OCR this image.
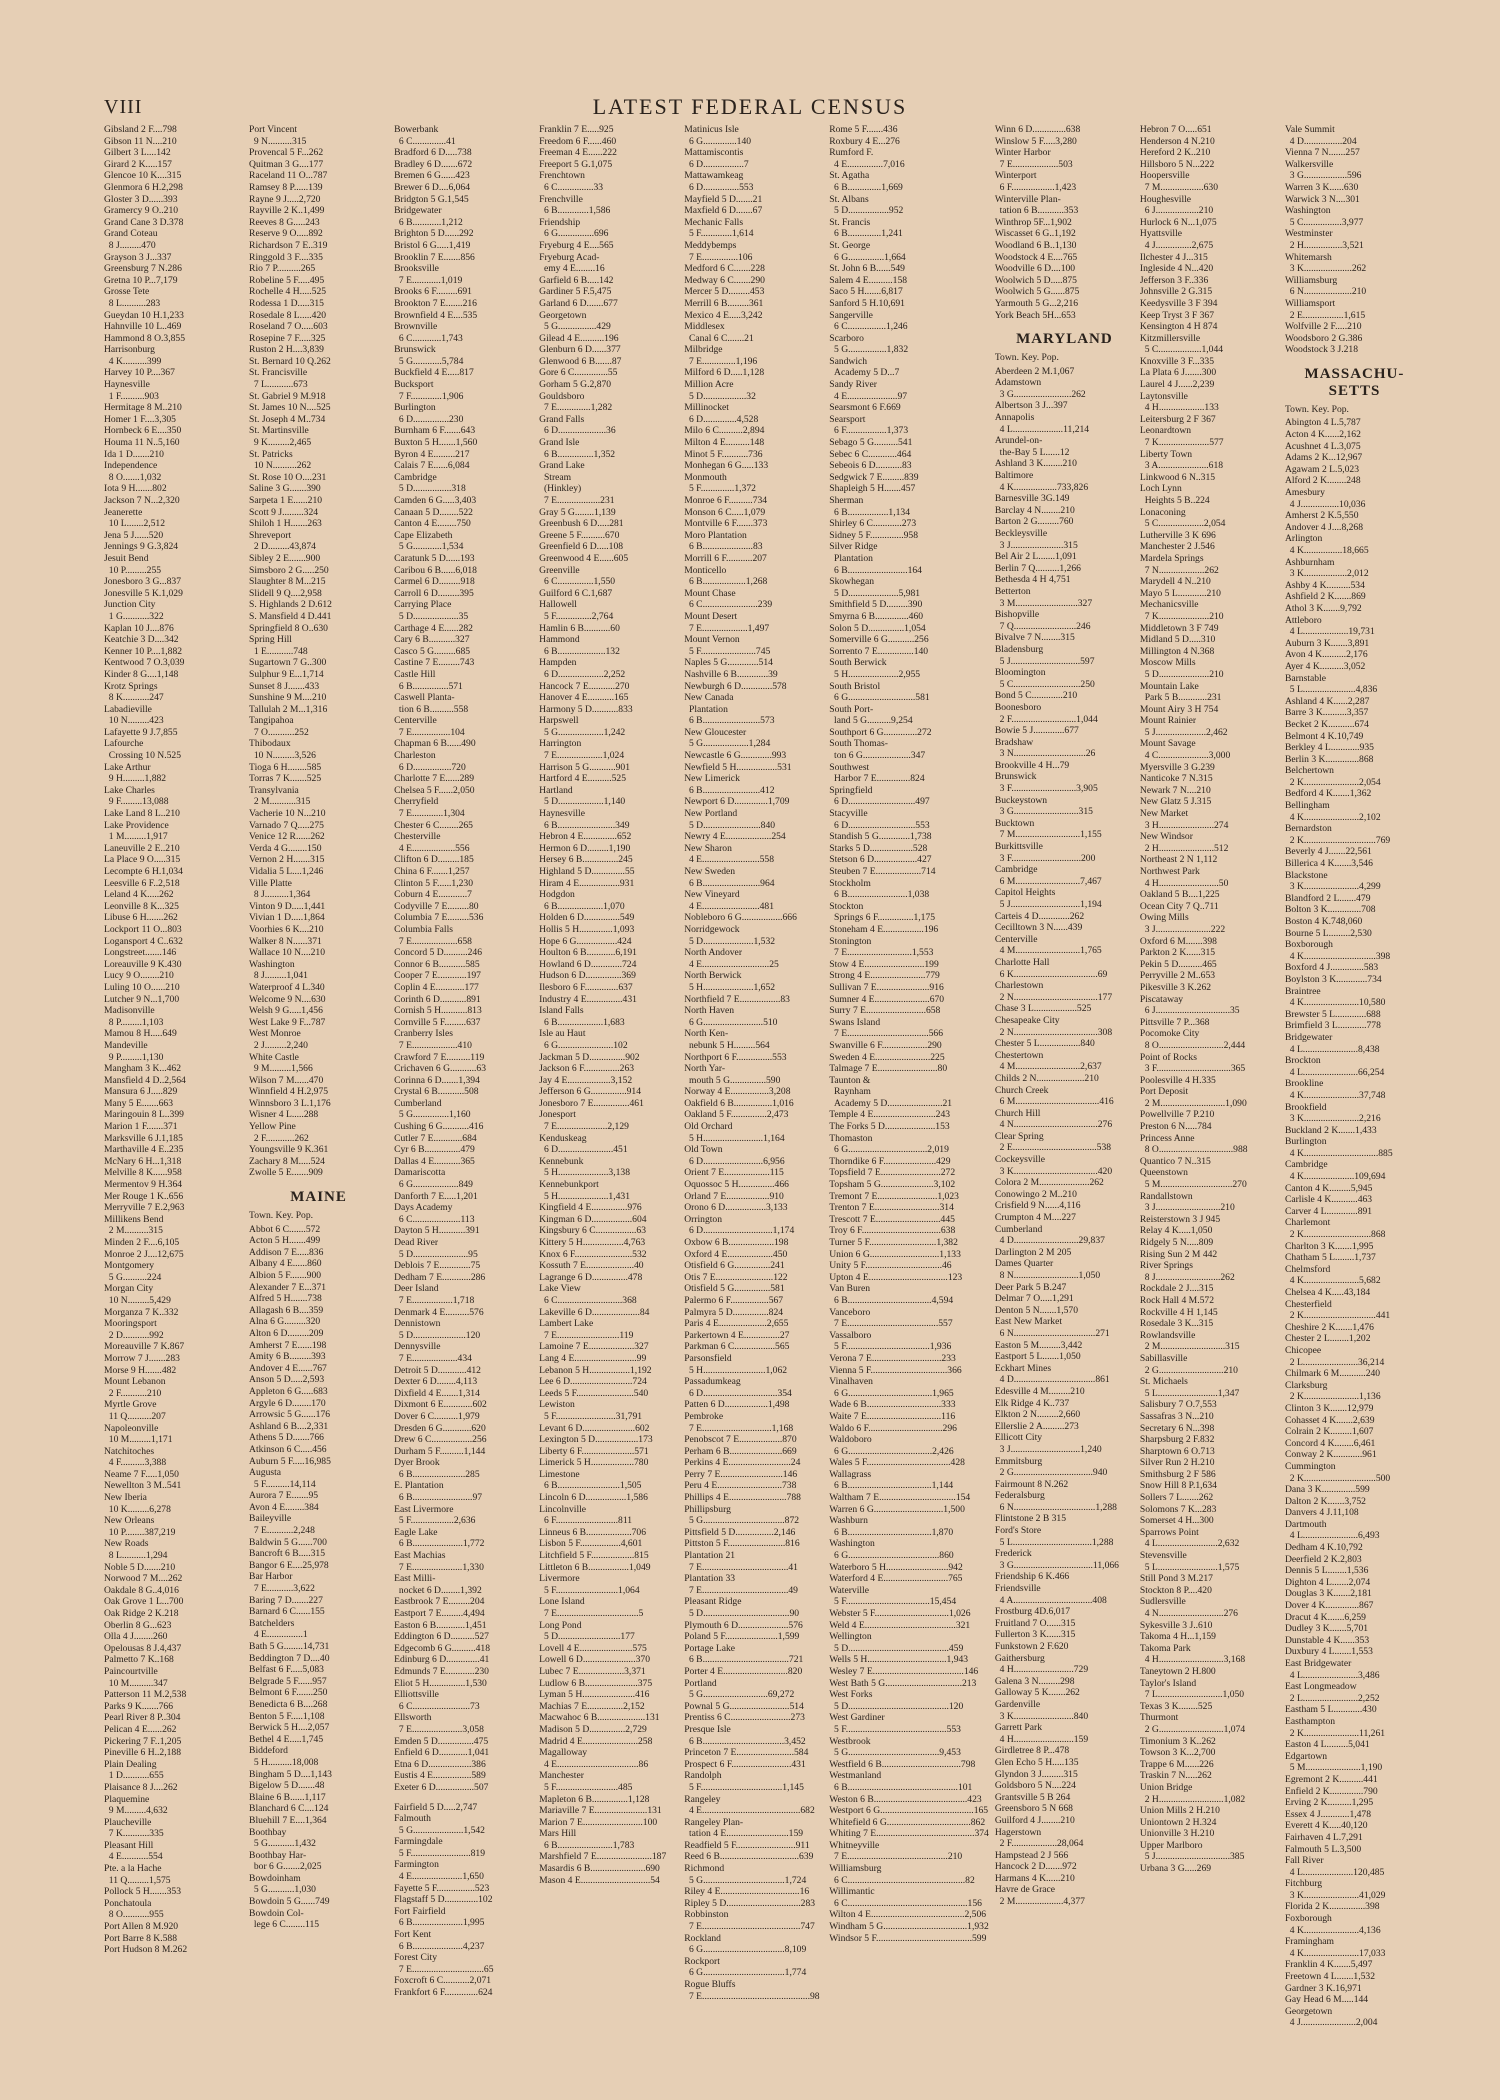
VIII	LATEST FEDERAL CENSUS
Gibsland 2 F....798
Gibson 11 N....210
Gilbert 3 L....142
Girard 2 K.....157
Glencoe 10 K....315
Glenmora 6 H.2,298
Gloster 3 D......393
Gramercy 9 O..210
Grand Cane 3 D.378
Grand Coteau
8 J.........470
Grayson 3 J...337
Greensburg 7 N.286
Gretna 10 P...7,179
Grosse Tete
8 L..........283
Gueydan 10 H.1,233
Hahnville 10 L..469
Hammond 8 O.3,855
Harrisonburg
4 K..........399
Harvey 10 P....367
Haynesville
1 F..........903
Hermitage 8 M..210
Homer 1 F....3,305
Hornbeck 6 E....350
Houma 11 N..5,160
Ida 1 D.......210
Independence
8 O.......1,032
Iota 9 H.......802
Jackson 7 N...2,320
Jeanerette
10 L.......2,512
Jena 5 J......520
Jennings 9 G.3,824
Jesuit Bend
10 P.........255
Jonesboro 3 G...837
Jonesville 5 K.1,029
Junction City
1 G...........322
Kaplan 10 J....876
Keatchie 3 D....342
Kenner 10 P....1,882
Kentwood 7 O.3,039
Kinder 8 G....1,148
Krotz Springs
8 K...........247
Labadieville
10 N.........423
Lafayette 9 J.7,855
Lafourche
Crossing 10 N.525
Lake Arthur
9 H.........1,882
Lake Charles
9 F.........13,088
Lake Land 8 L..210
Lake Providence
1 M.........1,917
Laneuville 2 E..210
La Place 9 O.....315
Lecompte 6 H.1,034
Leesville 6 F..2,518
Leland 4 K.....262
Leonville 8 K...325
Libuse 6 H.......262
Lockport 11 O...803
Logansport 4 C..632
Longstreet.......146
Loreauville 9 K.430
Lucy 9 O........210
Luling 10 O......210
Lutcher 9 N...1,700
Madisonville
8 P.........1,103
Mamou 8 H.....649
Mandeville
9 P.........1,130
Mangham 3 K...462
Mansfield 4 D..2,564
Mansura 6 J.....829
Many 5 E.......663
Maringouin 8 L..399
Marion 1 F.......371
Marksville 6 J.1,185
Marthaville 4 E..235
McNary 6 H...1,318
Melville 8 K......958
Mermentov 9 H.364
Mer Rouge 1 K..656
Merryville 7 E.2,963
Millikens Bend
2 M..........315
Minden 2 F....6,105
Monroe 2 J....12,675
Montgomery
5 G..........224
Morgan City
10 N.........5,429
Morganza 7 K..332
Mooringsport
2 D...........992
Moreauville 7 K.867
Morrow 7 J.......283
Morse 9 H.......482
Mount Lebanon
2 F...........210
Myrtle Grove
11 Q..........207
Napoleonville
10 M.........1,171
Natchitoches
4 F..........3,388
Neame 7 F.....1,050
Newellton 3 M..541
New Iberia
10 K.........6,278
New Orleans
10 P........387,219
New Roads
8 L..........1,294
Noble 5 D.......210
Norwood 7 M....262
Oakdale 8 G..4,016
Oak Grove 1 L...700
Oak Ridge 2 K.218
Oberlin 8 G...623
Olla 4 J........260
Opelousas 8 J.4,437
Palmetto 7 K..168
Paincourtville
10 M..........347
Patterson 11 M.2,538
Parks 9 K.......766
Pearl River 8 P..304
Pelican 4 E......262
Pickering 7 F..1,205
Pineville 6 H..2,188
Plain Dealing
1 D...........655
Plaisance 8 J....262
Plaquemine
9 M.........4,632
Plaucheville
7 K...........335
Pleasant Hill
4 E...........554
Pte. a la Hache
11 Q.........1,575
Pollock 5 H.......353
Ponchatoula
8 O...........955
Port Allen 8 M.920
Port Barre 8 K.588
Port Hudson 8 M.262
Port Vincent
9 N..........315
Provencal 5 F...262
Quitman 3 G....177
Raceland 11 O...787
Ramsey 8 P......139
Rayne 9 J.....2,720
Rayville 2 K..1,499
Reeves 8 G.....243
Reserve 9 O.....892
Richardson 7 E..319
Ringgold 3 F....335
Rio 7 P..........265
Robeline 5 F.....495
Rochelle 4 H.....525
Rodessa 1 D.....315
Rosedale 8 L.....420
Roseland 7 O.....603
Rosepine 7 F.....325
Ruston 2 H....3,839
St. Bernard 10 Q.262
St. Francisville
7 L...........673
St. Gabriel 9 M.918
St. James 10 N....525
St. Joseph 4 M..734
St. Martinsville
9 K.........2,465
St. Patricks
10 N..........262
St. Rose 10 O....231
Saline 3 G.......390
Sarpeta 1 E......210
Scott 9 J.........324
Shiloh 1 H.......263
Shreveport
2 D.........43,874
Sibley 2 E.......900
Simsboro 2 G.....250
Slaughter 8 M...215
Slidell 9 Q....2,958
S. Highlands 2 D.612
S. Mansfield 4 D.441
Springfield 8 O..630
Spring Hill
1 E...........748
Sugartown 7 G..300
Sulphur 9 E...1,714
Sunset 8 J.......433
Sunshine 9 M....210
Tallulah 2 M...1,316
Tangipahoa
7 O...........252
Thibodaux
10 N.........3,526
Tioga 6 H........585
Torras 7 K.......525
Transylvania
2 M...........315
Vacherie 10 N...210
Varnado 7 Q.....275
Venice 12 R......262
Verda 4 G........150
Vernon 2 H.......315
Vidalia 5 L....1,246
Ville Platte
8 J..........1,364
Vinton 9 D.....1,441
Vivian 1 D.....1,864
Voorhies 6 K....210
Walker 8 N......371
Wallace 10 N....210
Washington
8 J.........1,041
Waterproof 4 L.340
Welcome 9 N....630
Welsh 9 G.....1,456
West Lake 9 F...787
West Monroe
2 J.........2,240
White Castle
9 M.........1,566
Wilson 7 M......470
Winnfield 4 H.2,975
Winnsboro 3 L.1,176
Wisner 4 L.....288
Yellow Pine
2 F............262
Youngsville 9 K.361
Zachary 8 M.....524
Zwolle 5 E.......909
MAINE
Town. Key. Pop.
Abbot 6 C.......572
Acton 5 H.......499
Addison 7 E.....836
Albany 4 E......860
Albion 5 F.......900
Alexander 7 E...371
Alfred 5 H.......738
Allagash 6 B....359
Alna 6 G.........320
Alton 6 D.........209
Amherst 7 E......198
Amity 6 B.........393
Andover 4 E......767
Anson 5 D.....2,593
Appleton 6 G.....683
Argyle 6 D........170
Arrowsic 5 G......176
Ashland 6 B....2,331
Athens 5 D.......766
Atkinson 6 C.....456
Auburn 5 F.....16,985
Augusta
5 F..........14,114
Aurora 7 E.......95
Avon 4 E........384
Baileyville
7 E...........2,248
Baldwin 5 G......700
Bancroft 6 B.....315
Bangor 6 E....25,978
Bar Harbor
7 E...........3,622
Baring 7 D.......227
Barnard 6 C......155
Batchelders
4 E...............1
Bath 5 G........14,731
Beddington 7 D....40
Belfast 6 F.....5,083
Belgrade 5 F......957
Belmont 6 F.......250
Benedicta 6 B....268
Benton 5 F.....1,108
Berwick 5 H....2,057
Bethel 4 E.....1,745
Biddeford
5 H..........18,008
Bingham 5 D....1,143
Bigelow 5 D.......48
Blaine 6 B......1,117
Blanchard 6 C....124
Bluehill 7 E....1,364
Boothbay
5 G...........1,432
Boothbay Har-
bor 6 G.......2,025
Bowdoinham
5 G...........1,030
Bowdoin 5 G......749
Bowdoin Col-
lege 6 C........115
Bowerbank
6 C..............41
Bradford 6 D.....738
Bradley 6 D.......672
Bremen 6 G......423
Brewer 6 D....6,064
Bridgton 5 G.1,545
Bridgewater
6 B............1,212
Brighton 5 D......292
Bristol 6 G.....1,419
Brooklin 7 E.......856
Brooksville
7 E............1,019
Brooks 6 F.........691
Brookton 7 E.......216
Brownfield 4 E....535
Brownville
6 C............1,743
Brunswick
5 G............5,784
Buckfield 4 E.....817
Bucksport
7 F.............1,906
Burlington
6 D...............230
Burnham 6 F.......643
Buxton 5 H.......1,560
Byron 4 E.........217
Calais 7 E......6,084
Cambridge
5 D................318
Camden 6 G.....3,403
Canaan 5 D........522
Canton 4 E........750
Cape Elizabeth
5 G............1,534
Caratunk 5 D......193
Caribou 6 B......6,018
Carmel 6 D.........918
Carroll 6 D.........395
Carrying Place
5 D...................35
Carthage 4 E......282
Cary 6 B...........327
Casco 5 G.........685
Castine 7 E.........743
Castle Hill
6 B...............571
Caswell Planta-
tion 6 B..........558
Centerville
7 E................104
Chapman 6 B......490
Charleston
6 D................720
Charlotte 7 E......289
Chelsea 5 F......2,050
Cherryfield
7 E.............1,304
Chester 6 C........265
Chesterville
4 E..................556
Clifton 6 D.........185
China 6 F.......1,257
Clinton 5 F......1,230
Coburn 4 E............7
Codyville 7 E.........80
Columbia 7 E.........536
Columbia Falls
7 E...................658
Concord 5 D..........246
Connor 6 B...........585
Cooper 7 E............197
Coplin 4 E............177
Corinth 6 D...........891
Cornish 5 H...........813
Cornville 5 F.........637
Cranberry Isles
7 E...................410
Crawford 7 E..........119
Crichaven 6 G...........63
Corinna 6 D.......1,394
Crystal 6 B...........508
Cumberland
5 G...............1,160
Cushing 6 G...........416
Cutler 7 E............684
Cyr 6 B...............479
Dallas 4 E...........365
Damariscotta
6 G...................849
Danforth 7 E.....1,201
Days Academy
6 C....................113
Dayton 5 H...........391
Dead River
5 D.......................95
Deblois 7 E.............75
Dedham 7 E............286
Deer Island
7 E.................1,718
Denmark 4 E..........576
Dennistown
5 D......................120
Dennysville
7 E...................434
Detroit 5 D............412
Dexter 6 D........4,113
Dixfield 4 E.......1,314
Dixmont 6 E............602
Dover 6 C..........1,979
Dresden 6 G............620
Drew 6 C.................256
Durham 5 F..........1,144
Dyer Brook
6 B......................285
E. Plantation
6 B.........................97
East Livermore
5 F..................2,636
Eagle Lake
6 B.....................1,772
East Machias
7 E.....................1,330
East Milli-
nocket 6 D........1,392
Eastbrook 7 E.........204
Eastport 7 E.........4,494
Easton 6 B............1,451
Eddington 6 D..........527
Edgecomb 6 G..........418
Edinburg 6 D..............41
Edmunds 7 E............230
Eliot 5 H...............1,530
Elliottsville
6 C........................73
Ellsworth
7 E.....................3,058
Emden 5 D...............475
Enfield 6 D............1,041
Etna 6 D..................386
Eustis 4 E................589
Exeter 6 D................507
Fairfield 5 D.....2,747
Falmouth
5 G.....................1,542
Farmingdale
5 F.........................819
Farmington
4 E.....................1,650
Fayette 5 F................523
Flagstaff 5 D..............102
Fort Fairfield
6 B.....................1,995
Fort Kent
6 B.....................4,237
Forest City
7 E..............................65
Foxcroft 6 C...........2,071
Frankfort 6 F..............624
Franklin 7 E.....925
Freedom 6 F......460
Freeman 4 E......222
Freeport 5 G.1,075
Frenchtown
6 C...............33
Frenchville
6 B.............1,586
Friendship
6 G...............696
Fryeburg 4 E....565
Fryeburg Acad-
emy 4 E........16
Garfield 6 B.....142
Gardiner 5 F.5,475
Garland 6 D.......677
Georgetown
5 G................429
Gilead 4 E..........196
Glenburn 6 D......377
Glenwood 6 B.......87
Gore 6 C..............55
Gorham 5 G.2,870
Gouldsboro
7 E..............1,282
Grand Falls
6 D....................36
Grand Isle
6 B...............1,352
Grand Lake
Stream
(Hinkley)
7 E..................231
Gray 5 G........1,139
Greenbush 6 D.....281
Greene 5 F..........670
Greenfield 6 D.....108
Greenwood 4 E......605
Greenville
6 C...............1,550
Guilford 6 C.1,687
Hallowell
5 F...............2,764
Hamlin 6 B...........60
Hammond
6 B....................132
Hampden
6 D...................2,252
Hancock 7 E...........270
Hanover 4 E...........165
Harmony 5 D...........833
Harpswell
5 G...................1,242
Harrington
7 E...................1,024
Harrison 5 G...........901
Hartford 4 E..........525
Hartland
5 D...................1,140
Haynesville
6 B........................349
Hebron 4 E..............652
Hermon 6 D.........1,190
Hersey 6 B...............245
Highland 5 D..............55
Hiram 4 E.................931
Hodgdon
6 B...................1,070
Holden 6 D...............549
Hollis 5 H..............1,093
Hope 6 G.................424
Houlton 6 B............6,191
Howland 6 D.............724
Hudson 6 D...............369
Ilesboro 6 F..............637
Industry 4 E...............431
Island Falls
6 B...................1,683
Isle au Haut
6 G.......................102
Jackman 5 D...............902
Jackson 6 F...............263
Jay 4 E..................3,152
Jefferson 6 G...............914
Jonesboro 7 E...............461
Jonesport
7 E.....................2,129
Kenduskeag
6 D.......................451
Kennebunk
5 H.....................3,138
Kennebunkport
5 H.....................1,431
Kingfield 4 E...............976
Kingman 6 D.................604
Kingsbury 6 C.................63
Kittery 5 H.................4,763
Knox 6 F........................532
Kossuth 7 E....................40
Lagrange 6 D...............478
Lake View
6 C...........................368
Lakeville 6 D....................84
Lambert Lake
7 E..........................119
Lamoine 7 E...................327
Lang 4 E..........................99
Lebanon 5 H.................1,192
Lee 6 D..........................724
Leeds 5 F........................540
Lewiston
5 F.........................31,791
Levant 6 D......................602
Lexington 5 D..................173
Liberty 6 F......................571
Limerick 5 H..................780
Limestone
6 B..........................1,505
Lincoln 6 D.................1,586
Lincolnville
6 F..........................811
Linneus 6 B...................706
Lisbon 5 F.................4,601
Litchfield 5 F..................815
Littleton 6 B.................1,049
Livermore
5 F..........................1,064
Lone Island
7 E..................................5
Long Pond
5 D..........................177
Lovell 4 E......................575
Lowell 6 D......................370
Lubec 7 E...................3,371
Ludlow 6 B......................375
Lyman 5 H......................416
Machias 7 E...............2,152
Macwahoc 6 B....................131
Madison 5 D...............2,729
Madrid 4 E.......................258
Magalloway
4 E..................................86
Manchester
5 F..........................485
Mapleton 6 B...............1,128
Mariaville 7 E......................131
Marion 7 E.........................100
Mars Hill
6 B.......................1,783
Marshfield 7 E.......................187
Masardis 6 B.......................690
Mason 4 E.............................54
Matinicus Isle
6 G..............140
Mattamiscontis
6 D.................7
Mattawamkeag
6 D...............553
Mayfield 5 D.......21
Maxfield 6 D.......67
Mechanic Falls
5 F.............1,614
Meddybemps
7 E...............106
Medford 6 C.......228
Medway 6 C.......290
Mercer 5 D.........453
Merrill 6 B.........361
Mexico 4 E.....3,242
Middlesex
Canal 6 C.......21
Milbridge
7 E..............1,196
Milford 6 D.....1,128
Million Acre
5 D..................32
Millinocket
6 D..............4,528
Milo 6 C..........2,894
Milton 4 E..........148
Minot 5 F...........736
Monhegan 6 G.....133
Monmouth
5 F..............1,372
Monroe 6 F..........734
Monson 6 C.....1,079
Montville 6 F.......373
Moro Plantation
6 B.....................83
Morrill 6 F...........207
Monticello
6 B..................1,268
Mount Chase
6 C.......................239
Mount Desert
7 E...................1,497
Mount Vernon
5 F.......................745
Naples 5 G.............514
Nashville 6 B.............39
Newburgh 6 D.............578
New Canada
Plantation
6 B........................573
New Gloucester
5 G...................1,284
Newcastle 6 G.............993
Newfield 5 H.................531
New Limerick
6 B........................412
Newport 6 D..............1,709
New Portland
5 D........................840
Newry 4 E...................254
New Sharon
4 E........................558
New Sweden
6 B........................964
New Vineyard
4 E........................481
Nobleboro 6 G.................666
Norridgewock
5 D.....................1,532
North Andover
4 E............................25
North Berwick
5 H.....................1,652
Northfield 7 E.................83
North Haven
6 G.........................510
North Ken-
nebunk 5 H.........564
Northport 6 F...............553
North Yar-
mouth 5 G...............590
Norway 4 E................3,208
Oakfield 6 B................1,016
Oakland 5 F...............2,473
Old Orchard
5 H.........................1,164
Old Town
6 D.........................6,956
Orient 7 E...................115
Oquossoc 5 H...............466
Orland 7 E..................910
Orono 6 D.................3,133
Orrington
6 D.............................1,174
Oxbow 6 B...................198
Oxford 4 E...................450
Otisfield 6 G...............241
Otis 7 E........................122
Otisfield 5 G...............581
Palermo 6 F................567
Palmyra 5 D...............824
Paris 4 E....................2,655
Parkertown 4 E...............27
Parkman 6 C.................565
Parsonsfield
5 H..........................1,062
Passadumkeag
6 D...............................354
Patten 6 D..................1,498
Pembroke
7 E.............................1,168
Penobscot 7 E..................870
Perham 6 B......................669
Perkins 4 E..........................24
Perry 7 E..........................146
Peru 4 E...........................738
Phillips 4 E........................788
Phillipsburg
5 G..................................872
Pittsfield 5 D................2,146
Pittston 5 F........................816
Plantation 21
7 E....................................41
Plantation 33
7 E....................................49
Pleasant Ridge
5 D....................................90
Plymouth 6 D.....................576
Poland 5 F......................1,599
Portage Lake
6 B....................................721
Porter 4 E...........................820
Portland
5 G...........................69,272
Pownal 5 G.........................514
Prentiss 6 C.........................273
Presque Isle
6 B..................................3,452
Princeton 7 E........................584
Prospect 6 F.........................431
Randolph
5 F..................................1,145
Rangeley
4 E.........................................682
Rangeley Plan-
tation 4 E..........................159
Readfield 5 F.........................911
Reed 6 B.................................639
Richmond
5 G..................................1,724
Riley 4 E.................................16
Ripley 5 D...............................283
Robbinston
7 E.........................................747
Rockland
6 G..................................8,109
Rockport
6 G..................................1,774
Rogue Bluffs
7 E.............................................98
Rome 5 F.......436
Roxbury 4 E...276
Rumford F.
4 E...............7,016
St. Agatha
6 B..............1,669
St. Albans
5 D.................952
St. Francis
6 B..............1,241
St. George
6 G...............1,664
St. John 6 B......549
Salem 4 E..........158
Saco 5 H.......6,817
Sanford 5 H.10,691
Sangerville
6 C................1,246
Scarboro
5 G................1,832
Sandwich
Academy 5 D...7
Sandy River
4 E.....................97
Searsmont 6 F.669
Searsport
6 F.................1,373
Sebago 5 G..........541
Sebec 6 C............464
Sebeois 6 D...........83
Sedgwick 7 E.........839
Shapleigh 5 H.......457
Sherman
6 B.................1,134
Shirley 6 C............273
Sidney 5 F..............958
Silver Ridge
Plantation
6 B.........................164
Skowhegan
5 D.....................5,981
Smithfield 5 D.........390
Smyrna 6 B..............460
Solon 5 D...............1,054
Somerville 6 G...........256
Sorrento 7 E...............140
South Berwick
5 H.....................2,955
South Bristol
6 G............................581
South Port-
land 5 G..........9,254
Southport 6 G..............272
South Thomas-
ton 6 G....................347
Southwest
Harbor 7 E..............824
Springfield
6 D............................497
Stacyville
6 D............................553
Standish 5 G.............1,738
Starks 5 D..................528
Stetson 6 D..................427
Steuben 7 E...................714
Stockholm
6 B.........................1,038
Stockton
Springs 6 F...............1,175
Stoneham 4 E.................196
Stonington
7 E...........................1,553
Stow 4 E.........................199
Strong 4 E.......................779
Sullivan 7 E......................916
Sumner 4 E.......................670
Surry 7 E.........................658
Swans Island
7 E..................................566
Swanville 6 F...................290
Sweden 4 E.......................225
Talmage 7 E.........................80
Taunton &
Raynham
Academy 5 D.......................21
Temple 4 E..........................243
The Forks 5 D.....................153
Thomaston
6 G.................................2,019
Thorndike 6 F......................429
Topsfield 7 E.........................272
Topsham 5 G......................3,102
Tremont 7 E.........................1,023
Trenton 7 E...........................314
Trescott 7 E...........................445
Troy 6 F.................................638
Turner 5 F............................1,382
Union 6 G.............................1,133
Unity 5 F................................46
Upton 4 E.................................123
Van Buren
6 B...................................4,594
Vanceboro
7 E......................................557
Vassalboro
5 F...................................1,936
Verona 7 E.............................233
Vienna 5 F................................366
Vinalhaven
6 G...................................1,965
Wade 6 B...............................333
Waite 7 E...............................116
Waldo 6 F...............................296
Waldoboro
6 G...................................2,426
Wales 5 F...................................428
Wallagrass
6 B...................................1,144
Waltham 7 E................................154
Warren 6 G.............................1,500
Washburn
6 B...................................1,870
Washington
6 G......................................860
Waterboro 5 H..........................942
Waterford 4 E...........................765
Waterville
5 F...................................15,454
Webster 5 F...............................1,026
Weld 4 E......................................321
Wellington
5 D..........................................459
Wells 5 H.................................1,943
Wesley 7 E......................................146
West Bath 5 G................................213
West Forks
5 D..........................................120
West Gardiner
5 F..........................................553
Westbrook
5 G......................................9,453
Westfield 6 B.................................798
Westmanland
6 B..............................................101
Weston 6 B.......................................423
Westport 6 G.......................................165
Whitefield 6 G...................................862
Whiting 7 E.........................................374
Whitneyville
7 E..........................................210
Williamsburg
6 C.................................................82
Willimantic
6 C..................................................156
Wilton 4 E.......................................2,506
Windham 5 G...................................1,932
Windsor 5 F........................................599
Winn 6 D..............638
Winslow 5 F.....3,280
Winter Harbor
7 E...................503
Winterport
6 F..................1,423
Winterville Plan-
tation 6 B...........353
Winthrop 5F...1,902
Wiscasset 6 G..1,192
Woodland 6 B..1,130
Woodstock 4 E....765
Woodville 6 D....100
Woolwich 5 D.....875
Woolwich 5 G......875
Yarmouth 5 G...2,216
York Beach 5H...653
MARYLAND
Town. Key. Pop.
Aberdeen 2 M.1,067
Adamstown
3 G........................262
Albertson 3 J...397
Annapolis
4 L.....................11,214
Arundel-on-
the-Bay 5 L......12
Ashland 3 K........210
Baltimore
4 K..................733,826
Barnesville 3G.149
Barclay 4 N........210
Barton 2 G.........760
Beckleysville
3 J......................315
Bel Air 2 L.......1,091
Berlin 7 Q..........1,266
Bethesda 4 H 4,751
Betterton
3 M..........................327
Bishopville
7 Q..........................246
Bivalve 7 N........315
Bladensburg
5 J.............................597
Bloomington
5 C............................250
Bond 5 C.............210
Boonesboro
2 F...........................1,044
Bowie 5 J.............677
Bradshaw
3 N..............................26
Brookville 4 H...79
Brunswick
3 F...........................3,905
Buckeystown
3 G...........................315
Bucktown
7 M...........................1,155
Burkittsville
3 F.............................200
Cambridge
6 M...........................7,467
Capitol Heights
5 J.............................1,194
Carteis 4 D.............262
Cecilltown 3 N......439
Centerville
4 M...........................1,765
Charlotte Hall
6 K...................................69
Charlestown
2 N...................................177
Chase 3 L..................525
Chesapeake City
2 N...................................308
Chester 5 L.................840
Chestertown
4 M...........................2,637
Childs 2 N....................210
Church Creek
6 M...................................416
Church Hill
4 N...................................276
Clear Spring
2 E...................................538
Cockeysville
3 K...................................420
Colora 2 M.....................262
Conowingo 2 M..210
Crisfield 9 N......4,116
Crumpton 4 M....227
Cumberland
4 D...........................29,837
Darlington 2 M 205
Dames Quarter
8 N...........................1,050
Deer Park 5 B.247
Delmar 7 O.....1,291
Denton 5 N.......1,570
East New Market
6 N..................................271
Easton 5 M.........3,442
Eastport 5 L.......1,050
Eckhart Mines
4 D..................................861
Edesville 4 M.........210
Elk Ridge 4 K..737
Elkton 2 N.........2,660
Ellerslie 2 A.........273
Ellicott City
3 J.............................1,240
Emmitsburg
2 G.................................940
Fairmount 8 N.262
Federalsburg
6 N..................................1,288
Flintstone 2 B 315
Ford's Store
5 L.................................1,288
Frederick
3 G.................................11,066
Friendship 6 K.466
Friendsville
4 A.................................408
Frostburg 4D.6,017
Fruitland 7 O......315
Fullerton 3 K......315
Funkstown 2 F.620
Gaithersburg
4 H.........................729
Galena 3 N.........298
Galloway 5 K.......262
Gardenville
3 K.........................840
Garrett Park
4 H.........................159
Girdletree 8 P...478
Glen Echo 5 H.....135
Glyndon 3 J.........315
Goldsboro 5 N....224
Grantsville 5 B 264
Greensboro 5 N 668
Guilford 4 J........210
Hagerstown
2 F...................28,064
Hampstead 2 J 566
Hancock 2 D.......972
Harmans 4 K......210
Havre de Grace
2 M....................4,377
Hebron 7 O.....651
Henderson 4 N.210
Hereford 2 K..210
Hillsboro 5 N...222
Hoopersville
7 M..................630
Houghesville
6 J..................210
Hurlock 6 N...1,075
Hyattsville
4 J...............2,675
Ilchester 4 J...315
Ingleside 4 N...420
Jefferson 3 F..336
Johnsville 2 G.315
Keedysville 3 F 394
Keep Tryst 3 F 367
Kensington 4 H 874
Kitzmillersville
5 C..................1,044
Knoxville 3 F...335
La Plata 6 J.......300
Laurel 4 J......2,239
Laytonsville
4 H...................133
Leitersburg 2 F 367
Leonardtown
7 K.....................577
Liberty Town
3 A.....................618
Linkwood 6 N..315
Loch Lynn
Heights 5 B..224
Lonaconing
5 C...................2,054
Lutherville 3 K 696
Manchester 2 J.546
Mardela Springs
7 N...................262
Marydell 4 N..210
Mayo 5 L............210
Mechanicsville
7 K.....................210
Middletown 3 F 749
Midland 5 D.....310
Millington 4 N.368
Moscow Mills
5 D.....................210
Mountain Lake
Park 5 B............231
Mount Airy 3 H 754
Mount Rainier
5 J.....................2,462
Mount Savage
4 C.....................3,000
Myersville 3 G.239
Nanticoke 7 N.315
Newark 7 N....210
New Glatz 5 J.315
New Market
3 H.......................274
New Windsor
2 H.......................512
Northeast 2 N 1,112
Northwest Park
4 H.........................50
Oakland 5 B....1,225
Ocean City 7 Q..711
Owing Mills
3 J.......................222
Oxford 6 M.......398
Parkton 2 K......315
Pekin 5 D..........465
Perryville 2 M..653
Pikesville 3 K.262
Piscataway
6 J...............................35
Pittsville 7 P...368
Pocomoke City
8 O...........................2,444
Point of Rocks
3 F...............................365
Poolesville 4 H.335
Port Deposit
2 M...........................1,090
Powellville 7 P.210
Preston 6 N.....784
Princess Anne
8 O...............................988
Quantico 7 N..315
Queenstown
5 M..............................270
Randallstown
3 J...........................210
Reisterstown 3 J 945
Relay 4 K.....1,050
Ridgely 5 N.....809
Rising Sun 2 M 442
River Springs
8 J...........................262
Rockdale 2 J....315
Rock Hall 4 M.572
Rockville 4 H 1,145
Rosedale 3 K...315
Rowlandsville
2 M...........................315
Sabillasville
2 G...........................210
St. Michaels
5 L.........................1,347
Salisbury 7 O.7,553
Sassafras 3 N...210
Secretary 6 N...398
Sharpsburg 2 F.832
Sharptown 6 O.713
Silver Run 2 H.210
Smithsburg 2 F 586
Snow Hill 8 P.1,634
Sollers 7 L.......262
Solomons 7 K...283
Somerset 4 H...300
Sparrows Point
4 L.........................2,632
Stevensville
5 L.........................1,575
Still Pond 3 M.217
Stockton 8 P....420
Sudlersville
4 N...........................276
Sykesville 3 J..610
Takoma 4 H...1,159
Takoma Park
4 H...........................3,168
Taneytown 2 H.800
Taylor's Island
7 L...........................1,050
Texas 3 K........525
Thurmont
2 G...........................1,074
Timonium 3 K..262
Towson 3 K...2,700
Trappe 6 M......226
Traskin 7 N.....262
Union Bridge
2 H...........................1,082
Union Mills 2 H.210
Uniontown 2 H.324
Unionville 3 H.210
Upper Marlboro
5 J...............................385
Urbana 3 G.....269
Vale Summit
4 D................204
Vienna 7 N.......257
Walkersville
3 G..................596
Warren 3 K......630
Warwick 3 N....301
Washington
5 C................3,977
Westminster
2 H................3,521
Whitemarsh
3 K....................262
Williamsburg
6 N....................210
Williamsport
2 E.................1,615
Wolfville 2 F.....210
Woodsboro 2 G.386
Woodstock 3 J.218
MASSACHU-
SETTS
Town. Key. Pop.
Abington 4 L.5,787
Acton 4 K......2,162
Acushnet 4 L.3,075
Adams 2 K...12,967
Agawam 2 L.5,023
Alford 2 K........248
Amesbury
4 J................10,036
Amherst 2 K.5,550
Andover 4 J....8,268
Arlington
4 K................18,665
Ashburnham
3 K..................2,012
Ashby 4 K..........534
Ashfield 2 K.......869
Athol 3 K.......9,792
Attleboro
4 L...................19,731
Auburn 3 K.......3,891
Avon 4 K..........2,176
Ayer 4 K..........3,052
Barnstable
5 L......................4,836
Ashland 4 K......2,287
Barre 3 K..........3,357
Becket 2 K...........674
Belmont 4 K.10,749
Berkley 4 L............935
Berlin 3 K..............868
Belchertown
2 K.......................2,054
Bedford 4 K.......1,362
Bellingham
4 K.......................2,102
Bernardston
2 K..............................769
Beverly 4 J.......22,561
Billerica 4 K.......3,546
Blackstone
3 K.......................4,299
Blandford 2 L.......479
Bolton 3 K..............708
Boston 4 K.748,060
Bourne 5 L.........2,530
Boxborough
4 K..............................398
Boxford 4 J..............583
Boylston 3 K.............734
Braintree
4 K.......................10,580
Brewster 5 L.............688
Brimfield 3 L............778
Bridgewater
4 L.......................8,438
Brockton
4 L.......................66,254
Brookline
4 K.......................37,748
Brookfield
3 K.......................2,216
Buckland 2 K.......1,433
Burlington
4 K...............................885
Cambridge
4 K.....................109,694
Canton 4 K.........5,945
Carlisle 4 K...........463
Carver 4 L.............891
Charlemont
2 K............................868
Charlton 3 K.......1,995
Chatham 5 L........1,737
Chelmsford
4 K.......................5,682
Chelsea 4 K.....43,184
Chesterfield
2 K..............................441
Cheshire 2 K.......1,476
Chester 2 L........1,202
Chicopee
2 L.......................36,214
Chilmark 6 M...........240
Clarksburg
2 K.......................1,136
Clinton 3 K.......12,979
Cohasset 4 K.......2,639
Colrain 2 K.........1,607
Concord 4 K........6,461
Conway 2 K............961
Cummington
2 K..............................500
Dana 3 K..............599
Dalton 2 K.......3,752
Danvers 4 J.11,108
Dartmouth
4 L.......................6,493
Dedham 4 K.10,792
Deerfield 2 K.2,803
Dennis 5 L........1,536
Dighton 4 L.......2,074
Douglas 3 K.......2,181
Dover 4 K..............867
Dracut 4 K.......6,259
Dudley 3 K.......5,701
Dunstable 4 K......353
Duxbury 4 L.......1,553
East Bridgewater
4 L.......................3,486
East Longmeadow
2 L.......................2,252
Eastham 5 L............430
Easthampton
2 K.......................11,261
Easton 4 L.........5,041
Edgartown
5 M.......................1,190
Egremont 2 K..........441
Enfield 2 K..............790
Erving 2 K..........1,295
Essex 4 J............1,478
Everett 4 K.....40,120
Fairhaven 4 L.7,291
Falmouth 5 L.3,500
Fall River
4 L.....................120,485
Fitchburg
3 K.......................41,029
Florida 2 K...............398
Foxborough
4 K.......................4,136
Framingham
4 K.......................17,033
Franklin 4 K.......5,497
Freetown 4 L.......1,532
Gardner 3 K.16,971
Gay Head 6 M.....144
Georgetown
4 J.......................2,004
